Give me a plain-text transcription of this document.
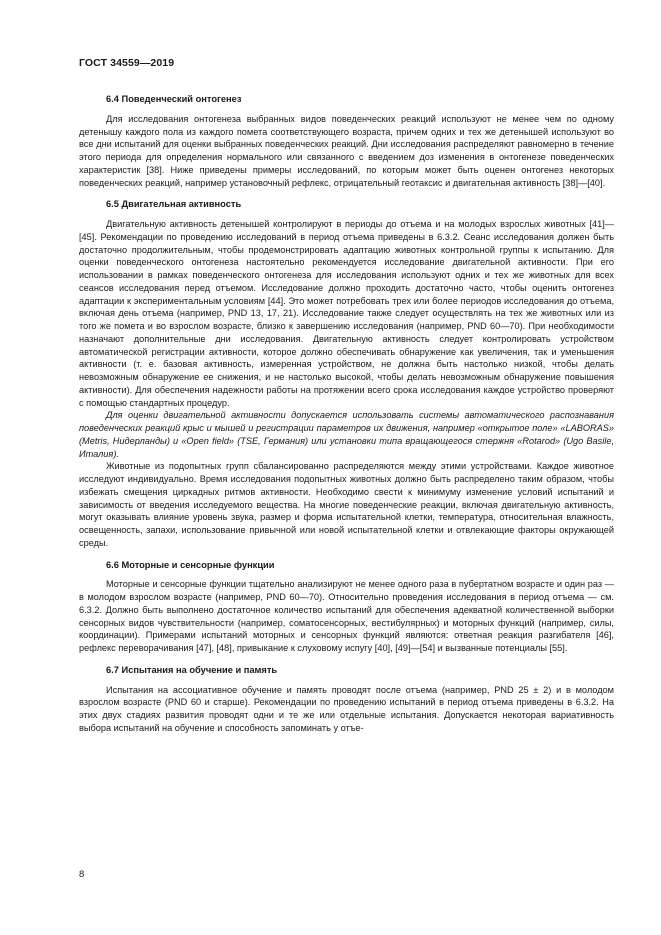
ГОСТ 34559—2019
6.4 Поведенческий онтогенез

Для исследования онтогенеза выбранных видов поведенческих реакций используют не менее чем по одному детенышу каждого пола из каждого помета соответствующего возраста, причем одних и тех же детенышей используют во все дни испытаний для оценки выбранных поведенческих реакций. Дни исследования распределяют равномерно в течение этого периода для определения нормального или связанного с введением доз изменения в онтогенезе поведенческих характеристик [38]. Ниже приведены примеры исследований, по которым может быть оценен онтогенез некоторых поведенческих реакций, например установочный рефлекс, отрицательный геотаксис и двигательная активность [38]—[40].

6.5 Двигательная активность

Двигательную активность детенышей контролируют в периоды до отъема и на молодых взрослых животных [41]—[45]. Рекомендации по проведению исследований в период отъема приведены в 6.3.2. Сеанс исследования должен быть достаточно продолжительным, чтобы продемонстрировать адаптацию животных контрольной группы к испытанию. Для оценки поведенческого онтогенеза настоятельно рекомендуется исследование двигательной активности. При его использовании в рамках поведенческого онтогенеза для исследования используют одних и тех же животных для всех сеансов исследования перед отъемом. Исследование должно проходить достаточно часто, чтобы оценить онтогенез адаптации к экспериментальным условиям [44]. Это может потребовать трех или более периодов исследования до отъема, включая день отъема (например, PND 13, 17, 21). Исследование также следует осуществлять на тех же животных или из того же помета и во взрослом возрасте, близко к завершению исследования (например, PND 60—70). При необходимости назначают дополнительные дни исследования. Двигательную активность следует контролировать устройством автоматической регистрации активности, которое должно обеспечивать обнаружение как увеличения, так и уменьшения активности (т. е. базовая активность, измеренная устройством, не должна быть настолько низкой, чтобы делать невозможным обнаружение ее снижения, и не настолько высокой, чтобы делать невозможным обнаружение повышения активности). Для обеспечения надежности работы на протяжении всего срока исследования каждое устройство проверяют с помощью стандартных процедур.

Для оценки двигательной активности допускается использовать системы автоматического распознавания поведенческих реакций крыс и мышей и регистрации параметров их движения, например «открытое поле» «LABORAS» (Metris, Нидерланды) и «Open field» (TSE, Германия) или установки типа вращающегося стержня «Rotarod» (Ugo Basile, Италия).

Животные из подопытных групп сбалансированно распределяются между этими устройствами. Каждое животное исследуют индивидуально. Время исследования подопытных животных должно быть распределено таким образом, чтобы избежать смещения циркадных ритмов активности. Необходимо свести к минимуму изменение условий испытаний и зависимость от введения исследуемого вещества. На многие поведенческие реакции, включая двигательную активность, могут оказывать влияние уровень звука, размер и форма испытательной клетки, температура, относительная влажность, освещенность, запахи, использование привычной или новой испытательной клетки и отвлекающие факторы окружающей среды.

6.6 Моторные и сенсорные функции

Моторные и сенсорные функции тщательно анализируют не менее одного раза в пубертатном возрасте и один раз — в молодом взрослом возрасте (например, PND 60—70). Относительно проведения исследования в период отъема — см. 6.3.2. Должно быть выполнено достаточное количество испытаний для обеспечения адекватной количественной выборки сенсорных видов чувствительности (например, соматосенсорных, вестибулярных) и моторных функций (например, силы, координации). Примерами испытаний моторных и сенсорных функций являются: ответная реакция разгибателя [46], рефлекс переворачивания [47], [48], привыкание к слуховому испугу [40], [49]—[54] и вызванные потенциалы [55].

6.7 Испытания на обучение и память

Испытания на ассоциативное обучение и память проводят после отъема (например, PND 25 ± 2) и в молодом взрослом возрасте (PND 60 и старше). Рекомендации по проведению испытаний в период отъема приведены в 6.3.2. На этих двух стадиях развития проводят одни и те же или отдельные испытания. Допускается некоторая вариативность выбора испытаний на обучение и способность запоминать у отъе-

8
